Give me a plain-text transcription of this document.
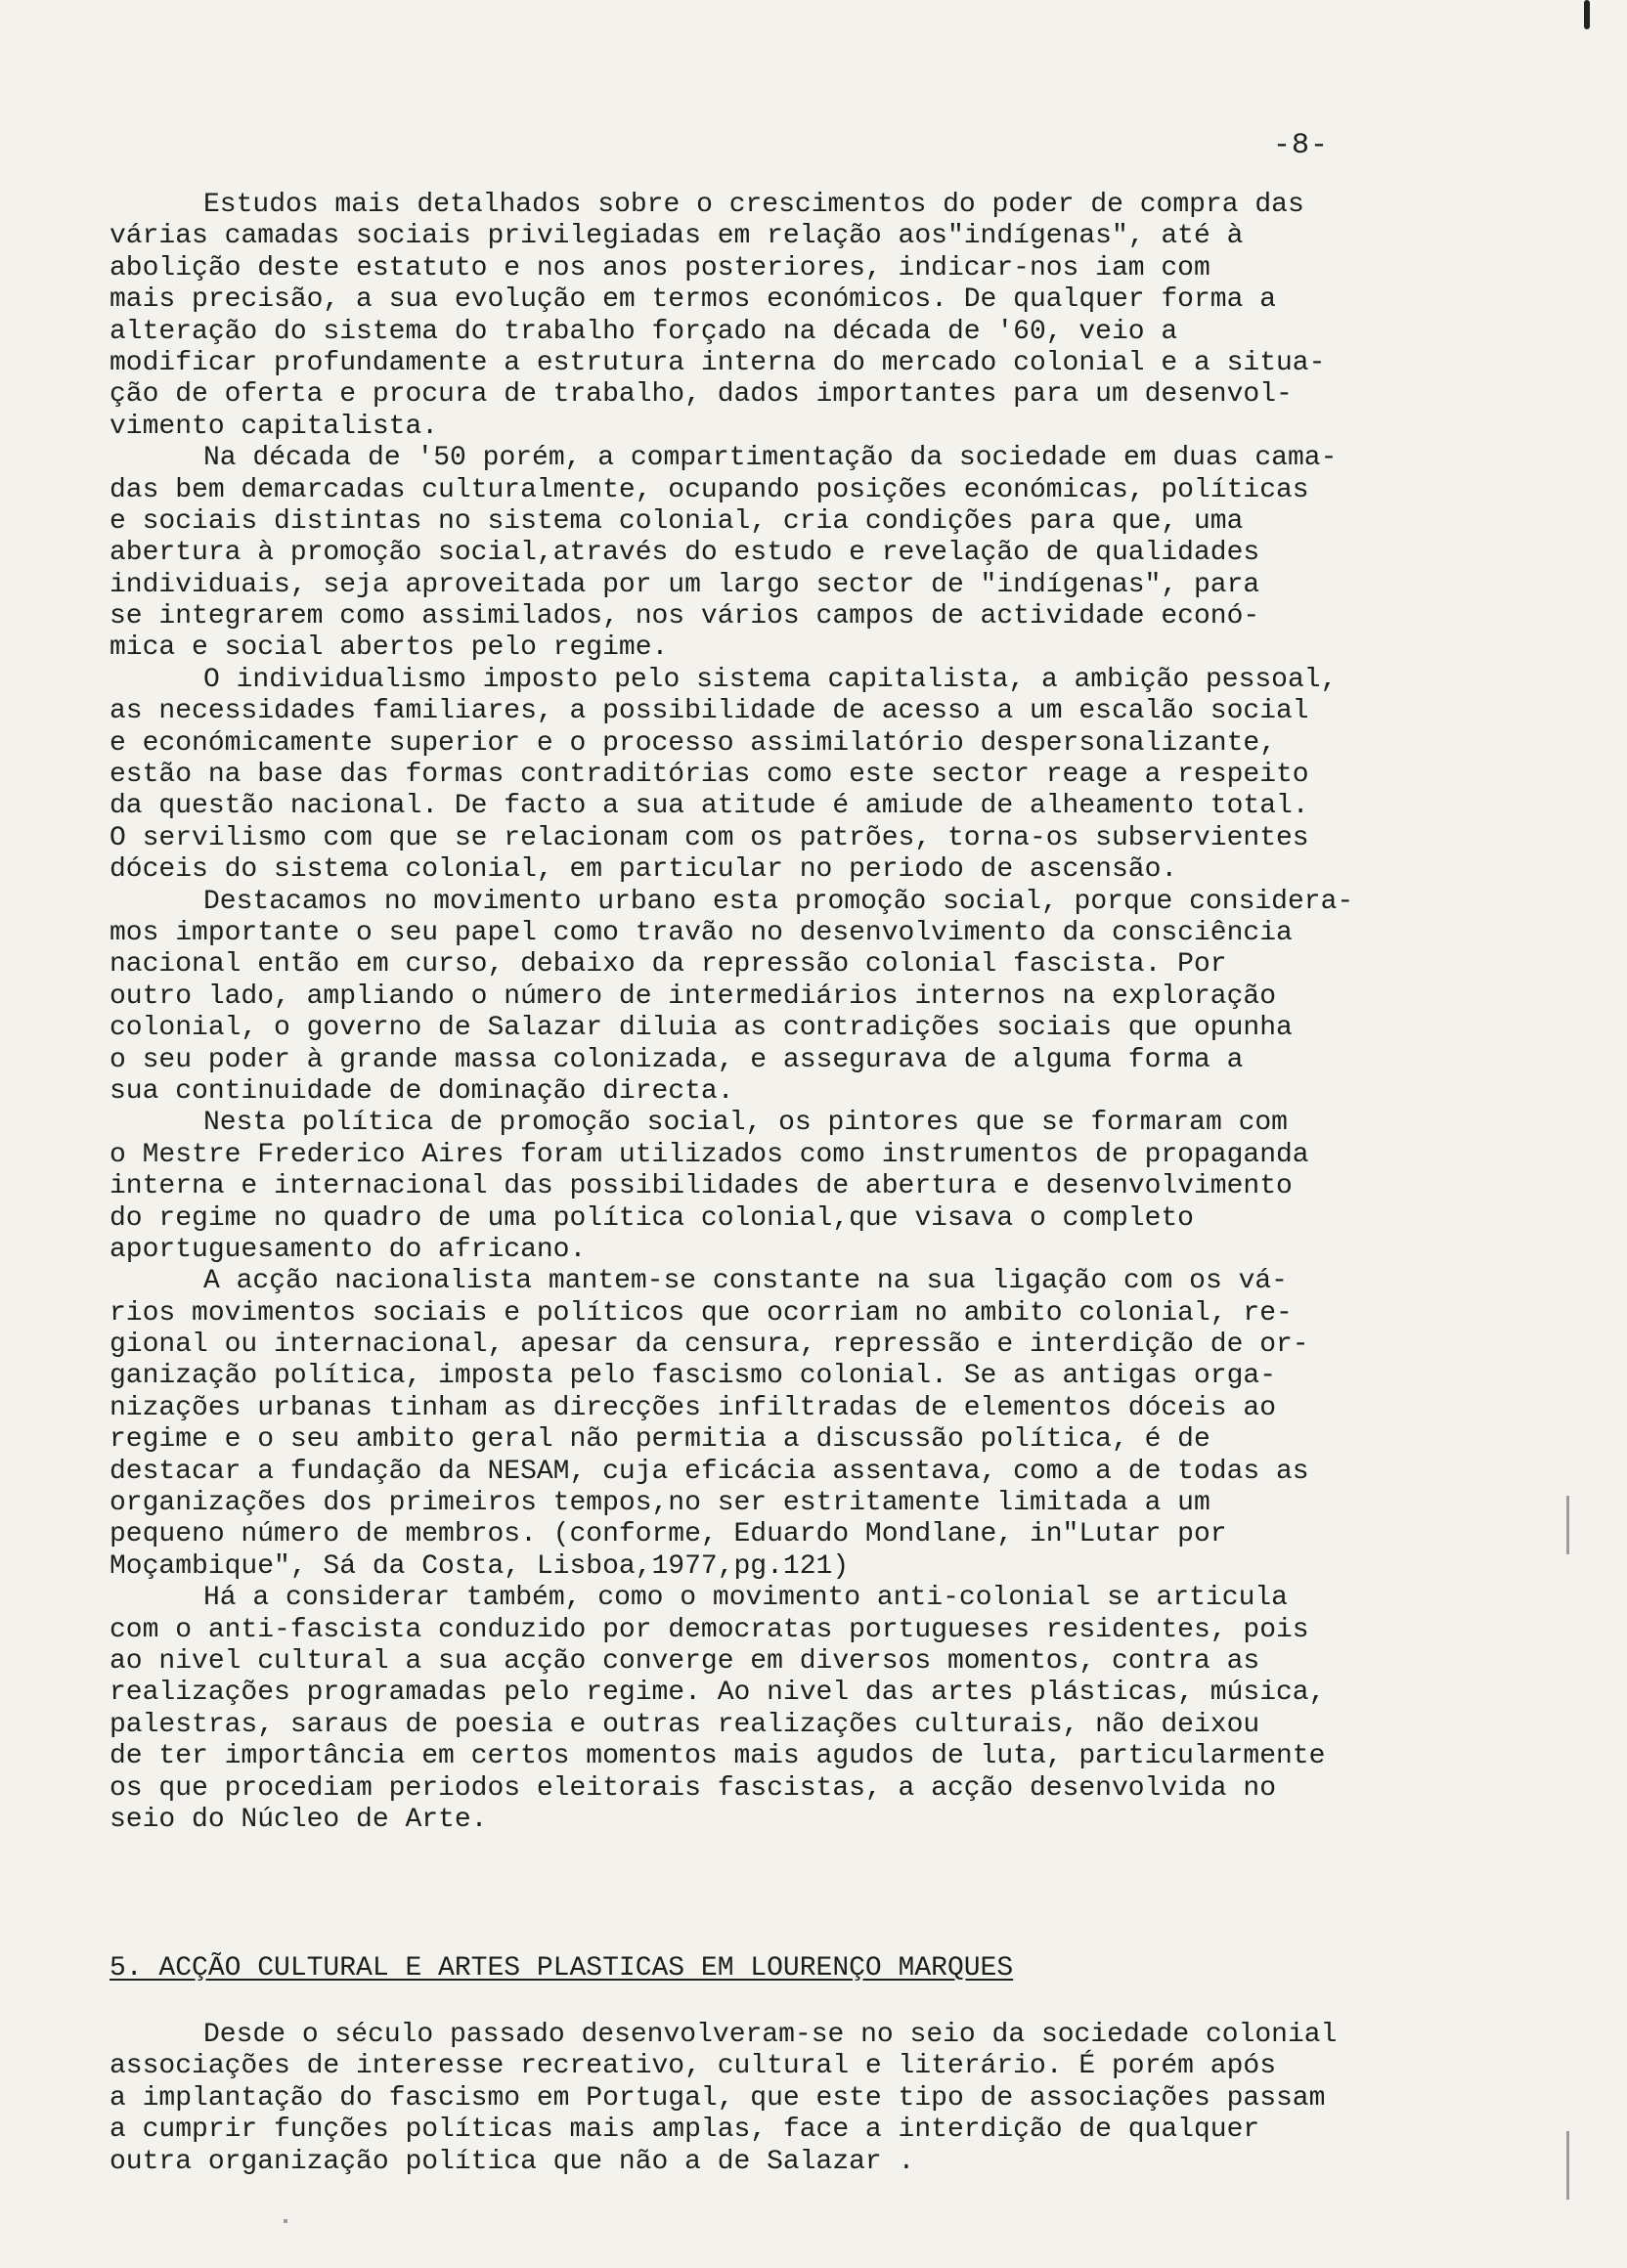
-8-
Estudos mais detalhados sobre o crescimentos do poder de compra das
várias camadas sociais privilegiadas em relação aos"indígenas", até à
abolição deste estatuto e nos anos posteriores, indicar-nos iam com
mais precisão, a sua evolução em termos económicos. De qualquer forma a
alteração do sistema do trabalho forçado na década de '60, veio a
modificar profundamente a estrutura interna do mercado colonial e a situa-
ção de oferta e procura de trabalho, dados importantes para um desenvol-
vimento capitalista.
Na década de '50 porém, a compartimentação da sociedade em duas cama-
das bem demarcadas culturalmente, ocupando posições económicas, políticas
e sociais distintas no sistema colonial, cria condições para que, uma
abertura à promoção social,através do estudo e revelação de qualidades
individuais, seja aproveitada por um largo sector de "indígenas", para
se integrarem como assimilados, nos vários campos de actividade econó-
mica e social abertos pelo regime.
O individualismo imposto pelo sistema capitalista, a ambição pessoal,
as necessidades familiares, a possibilidade de acesso a um escalão social
e económicamente superior e o processo assimilatório despersonalizante,
estão na base das formas contraditórias como este sector reage a respeito
da questão nacional. De facto a sua atitude é amiude de alheamento total.
O servilismo com que se relacionam com os patrões, torna-os subservientes
dóceis do sistema colonial, em particular no periodo de ascensão.
Destacamos no movimento urbano esta promoção social, porque considera-
mos importante o seu papel como travão no desenvolvimento da consciência
nacional então em curso, debaixo da repressão colonial fascista. Por
outro lado, ampliando o número de intermediários internos na exploração
colonial, o governo de Salazar diluia as contradições sociais que opunha
o seu poder à grande massa colonizada, e assegurava de alguma forma a
sua continuidade de dominação directa.
Nesta política de promoção social, os pintores que se formaram com
o Mestre Frederico Aires foram utilizados como instrumentos de propaganda
interna e internacional das possibilidades de abertura e desenvolvimento
do regime no quadro de uma política colonial,que visava o completo
aportuguesamento do africano.
A acção nacionalista mantem-se constante na sua ligação com os vá-
rios movimentos sociais e políticos que ocorriam no ambito colonial, re-
gional ou internacional, apesar da censura, repressão e interdição de or-
ganização política, imposta pelo fascismo colonial. Se as antigas orga-
nizações urbanas tinham as direcções infiltradas de elementos dóceis ao
regime e o seu ambito geral não permitia a discussão política, é de
destacar a fundação da NESAM, cuja eficácia assentava, como a de todas as
organizações dos primeiros tempos,no ser estritamente limitada a um
pequeno número de membros. (conforme, Eduardo Mondlane, in"Lutar por
Moçambique", Sá da Costa, Lisboa,1977,pg.121)
Há a considerar também, como o movimento anti-colonial se articula
com o anti-fascista conduzido por democratas portugueses residentes, pois
ao nivel cultural a sua acção converge em diversos momentos, contra as
realizações programadas pelo regime. Ao nivel das artes plásticas, música,
palestras, saraus de poesia e outras realizações culturais, não deixou
de ter importância em certos momentos mais agudos de luta, particularmente
os que procediam periodos eleitorais fascistas, a acção desenvolvida no
seio do Núcleo de Arte.
5. ACÇÃO CULTURAL E ARTES PLASTICAS EM LOURENÇO MARQUES
Desde o século passado desenvolveram-se no seio da sociedade colonial
associações de interesse recreativo, cultural e literário. É porém após
a implantação do fascismo em Portugal, que este tipo de associações passam
a cumprir funções políticas mais amplas, face a interdição de qualquer
outra organização política que não a de Salazar .
